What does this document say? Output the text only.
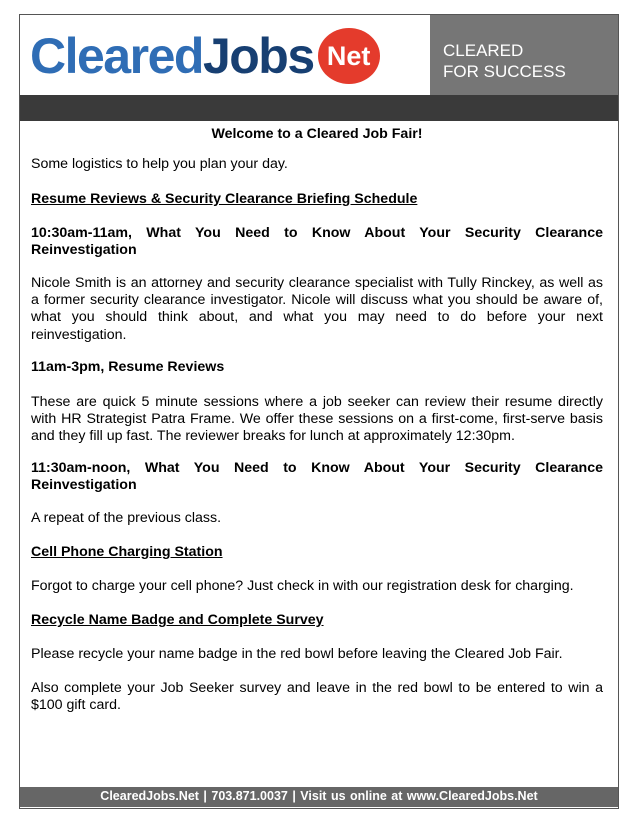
Cleared Jobs Net	CLEARED
FOR SUCCESS

Welcome to a Cleared Job Fair!

Some logistics to help you plan your day.

Resume Reviews & Security Clearance Briefing Schedule

10:30am-11am, What You Need to Know About Your Security Clearance Reinvestigation

Nicole Smith is an attorney and security clearance specialist with Tully Rinckey, as well as a former security clearance investigator. Nicole will discuss what you should be aware of, what you should think about, and what you may need to do before your next reinvestigation.

11am-3pm, Resume Reviews

These are quick 5 minute sessions where a job seeker can review their resume directly with HR Strategist Patra Frame. We offer these sessions on a first-come, first-serve basis and they fill up fast. The reviewer breaks for lunch at approximately 12:30pm.

11:30am-noon, What You Need to Know About Your Security Clearance Reinvestigation

A repeat of the previous class.

Cell Phone Charging Station

Forgot to charge your cell phone? Just check in with our registration desk for charging.

Recycle Name Badge and Complete Survey

Please recycle your name badge in the red bowl before leaving the Cleared Job Fair.

Also complete your Job Seeker survey and leave in the red bowl to be entered to win a $100 gift card.

ClearedJobs.Net | 703.871.0037 | Visit us online at www.ClearedJobs.Net
